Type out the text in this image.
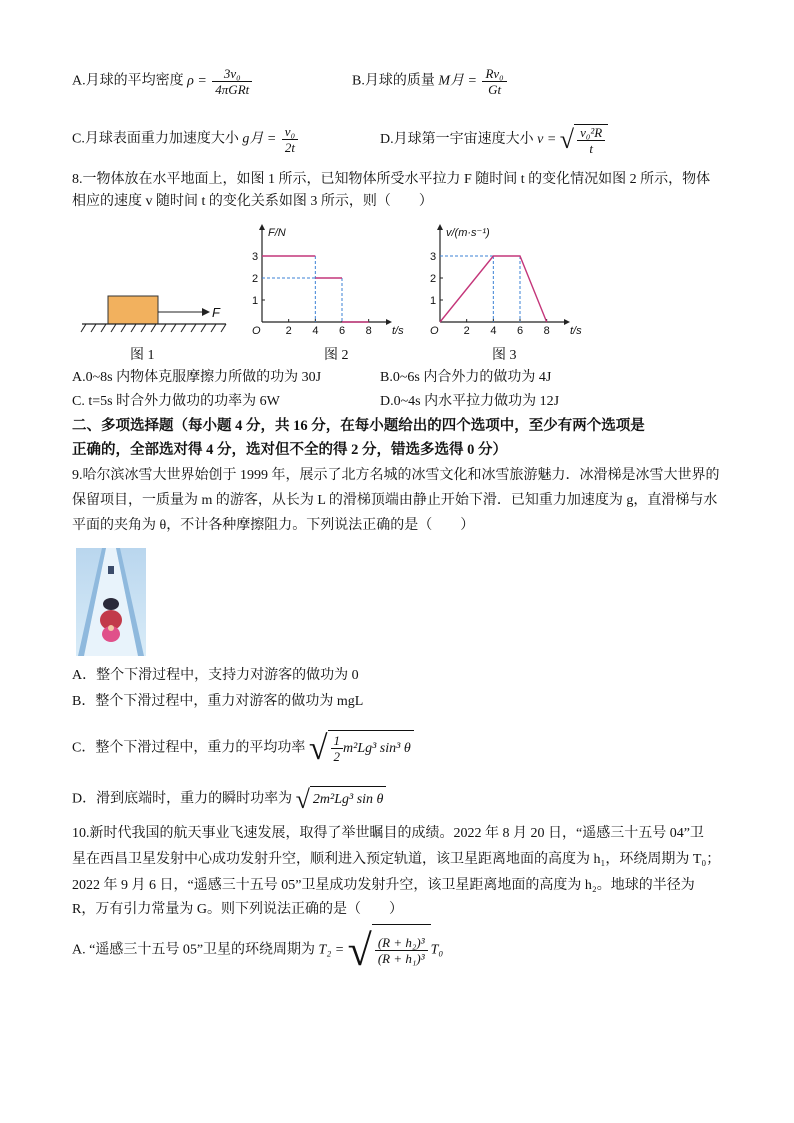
A.月球的平均密度 $\rho = \frac{\text{3v₀}}{\text{4πGRt}}$	B.月球的质量 M月 = $\frac{\text{Rv₀}}{Gt}$
C.月球表面重力加速度大小 g月 = $\frac{\text{v₀}}{2t}$	D.月球第一宇宙速度大小 v = √ $\frac{\text{v₀²R}}{t}$
8.一物体放在水平地面上，如图 1 所示，已知物体所受水平拉力 F 随时间 t 的变化情况如图 2 所示，物体
相应的速度 v 随时间 t 的变化关系如图 3 所示，则（　　）
F
图 1
F/N
t/s
O 2 4 6 8
1
2
3
图 2
v/(m·s⁻¹)
t/s
O 2 4 6 8
1
2
3
图 3
A.0~8s 内物体克服摩擦力所做的功为 30J	B.0~6s 内合外力的做功为 4J
C. t=5s 时合外力做功的功率为 6W	D.0~4s 内水平拉力做功为 12J
二、多项选择题（每小题 4 分，共 16 分，在每小题给出的四个选项中，至少有两个选项是
正确的，全部选对得 4 分，选对但不全的得 2 分，错选多选得 0 分）
9.哈尔滨冰雪大世界始创于 1999 年，展示了北方名城的冰雪文化和冰雪旅游魅力．冰滑梯是冰雪大世界的
保留项目，一质量为 m 的游客，从长为 L 的滑梯顶端由静止开始下滑．已知重力加速度为 g，直滑梯与水
平面的夹角为 θ，不计各种摩擦阻力。下列说法正确的是（　　）
A．整个下滑过程中，支持力对游客的做功为 0
B．整个下滑过程中，重力对游客的做功为 mgL
C．整个下滑过程中，重力的平均功率 √ $\frac{1}{2} m^2Lg^3$ sin³ θ
D．滑到底端时，重力的瞬时功率为 √ 2m²Lg³ sin θ
10.新时代我国的航天事业飞速发展，取得了举世瞩目的成绩。2022 年 8 月 20 日，“遥感三十五号 04”卫
星在西昌卫星发射中心成功发射升空，顺利进入预定轨道，该卫星距离地面的高度为 h₁，环绕周期为 T₀；
2022 年 9 月 6 日，“遥感三十五号 05”卫星成功发射升空，该卫星距离地面的高度为 h₂。地球的半径为
R，万有引力常量为 G。则下列说法正确的是（　　）
A. “遥感三十五号 05”卫星的环绕周期为 T₂ = √ $\frac{\text{(R + h₂)³}}{\text{(R + h₁)³}} T_0$
